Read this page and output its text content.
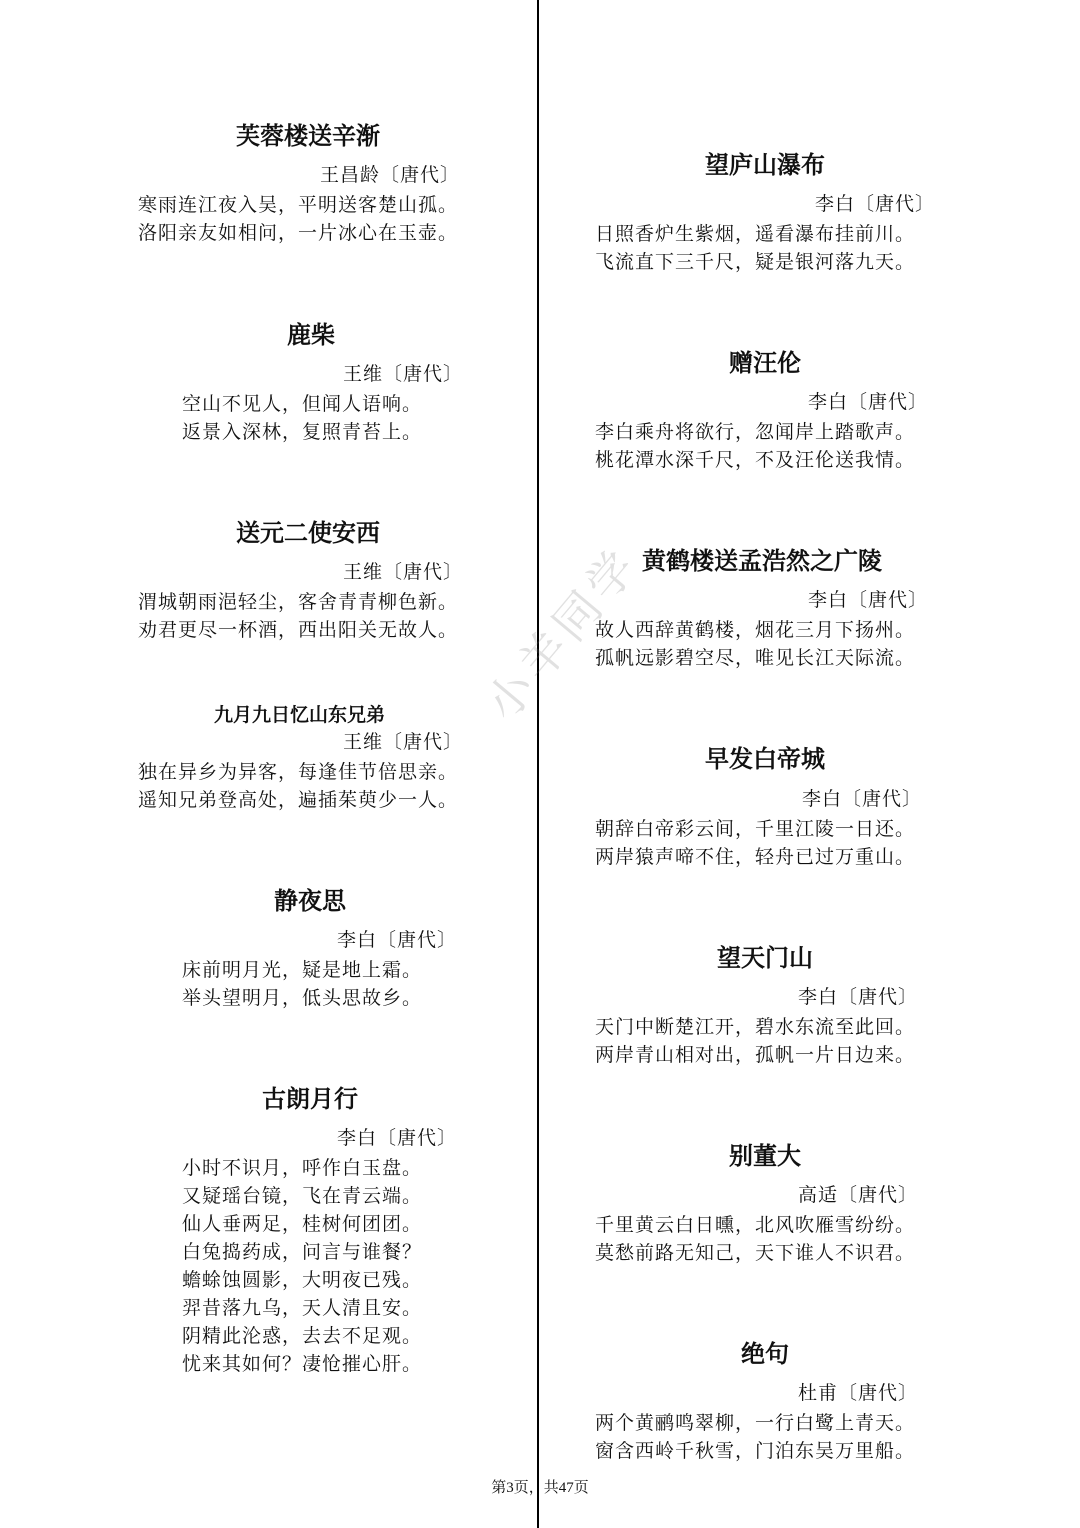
小羊同学
芙蓉楼送辛渐
王昌龄〔唐代〕
寒雨连江夜入吴，平明送客楚山孤。
洛阳亲友如相问，一片冰心在玉壶。
鹿柴
王维〔唐代〕
空山不见人，但闻人语响。
返景入深林，复照青苔上。
送元二使安西
王维〔唐代〕
渭城朝雨浥轻尘，客舍青青柳色新。
劝君更尽一杯酒，西出阳关无故人。
九月九日忆山东兄弟
王维〔唐代〕
独在异乡为异客，每逢佳节倍思亲。
遥知兄弟登高处，遍插茱萸少一人。
静夜思
李白〔唐代〕
床前明月光，疑是地上霜。
举头望明月，低头思故乡。
古朗月行
李白〔唐代〕
小时不识月，呼作白玉盘。
又疑瑶台镜，飞在青云端。
仙人垂两足，桂树何团团。
白兔捣药成，问言与谁餐？
蟾蜍蚀圆影，大明夜已残。
羿昔落九乌，天人清且安。
阴精此沦惑，去去不足观。
忧来其如何？凄怆摧心肝。
望庐山瀑布
李白〔唐代〕
日照香炉生紫烟，遥看瀑布挂前川。
飞流直下三千尺，疑是银河落九天。
赠汪伦
李白〔唐代〕
李白乘舟将欲行，忽闻岸上踏歌声。
桃花潭水深千尺，不及汪伦送我情。
黄鹤楼送孟浩然之广陵
李白〔唐代〕
故人西辞黄鹤楼，烟花三月下扬州。
孤帆远影碧空尽，唯见长江天际流。
早发白帝城
李白〔唐代〕
朝辞白帝彩云间，千里江陵一日还。
两岸猿声啼不住，轻舟已过万重山。
望天门山
李白〔唐代〕
天门中断楚江开，碧水东流至此回。
两岸青山相对出，孤帆一片日边来。
别董大
高适〔唐代〕
千里黄云白日曛，北风吹雁雪纷纷。
莫愁前路无知己，天下谁人不识君。
绝句
杜甫〔唐代〕
两个黄鹂鸣翠柳，一行白鹭上青天。
窗含西岭千秋雪，门泊东吴万里船。
第3页，共47页
